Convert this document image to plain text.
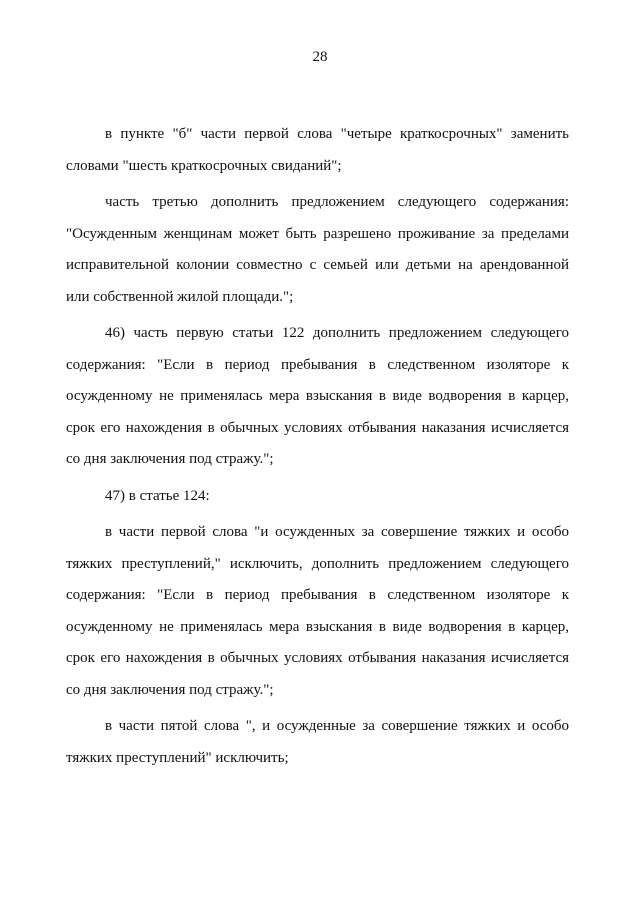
28

в пункте "б" части первой слова "четыре краткосрочных" заменить словами "шесть краткосрочных свиданий";

часть третью дополнить предложением следующего содержания: "Осужденным женщинам может быть разрешено проживание за пределами исправительной колонии совместно с семьей или детьми на арендованной или собственной жилой площади.";

46) часть первую статьи 122 дополнить предложением следующего содержания: "Если в период пребывания в следственном изоляторе к осужденному не применялась мера взыскания в виде водворения в карцер, срок его нахождения в обычных условиях отбывания наказания исчисляется со дня заключения под стражу.";

47) в статье 124:

в части первой слова "и осужденных за совершение тяжких и особо тяжких преступлений," исключить, дополнить предложением следующего содержания: "Если в период пребывания в следственном изоляторе к осужденному не применялась мера взыскания в виде водворения в карцер, срок его нахождения в обычных условиях отбывания наказания исчисляется со дня заключения под стражу.";

в части пятой слова ", и осужденные за совершение тяжких и особо тяжких преступлений" исключить;
